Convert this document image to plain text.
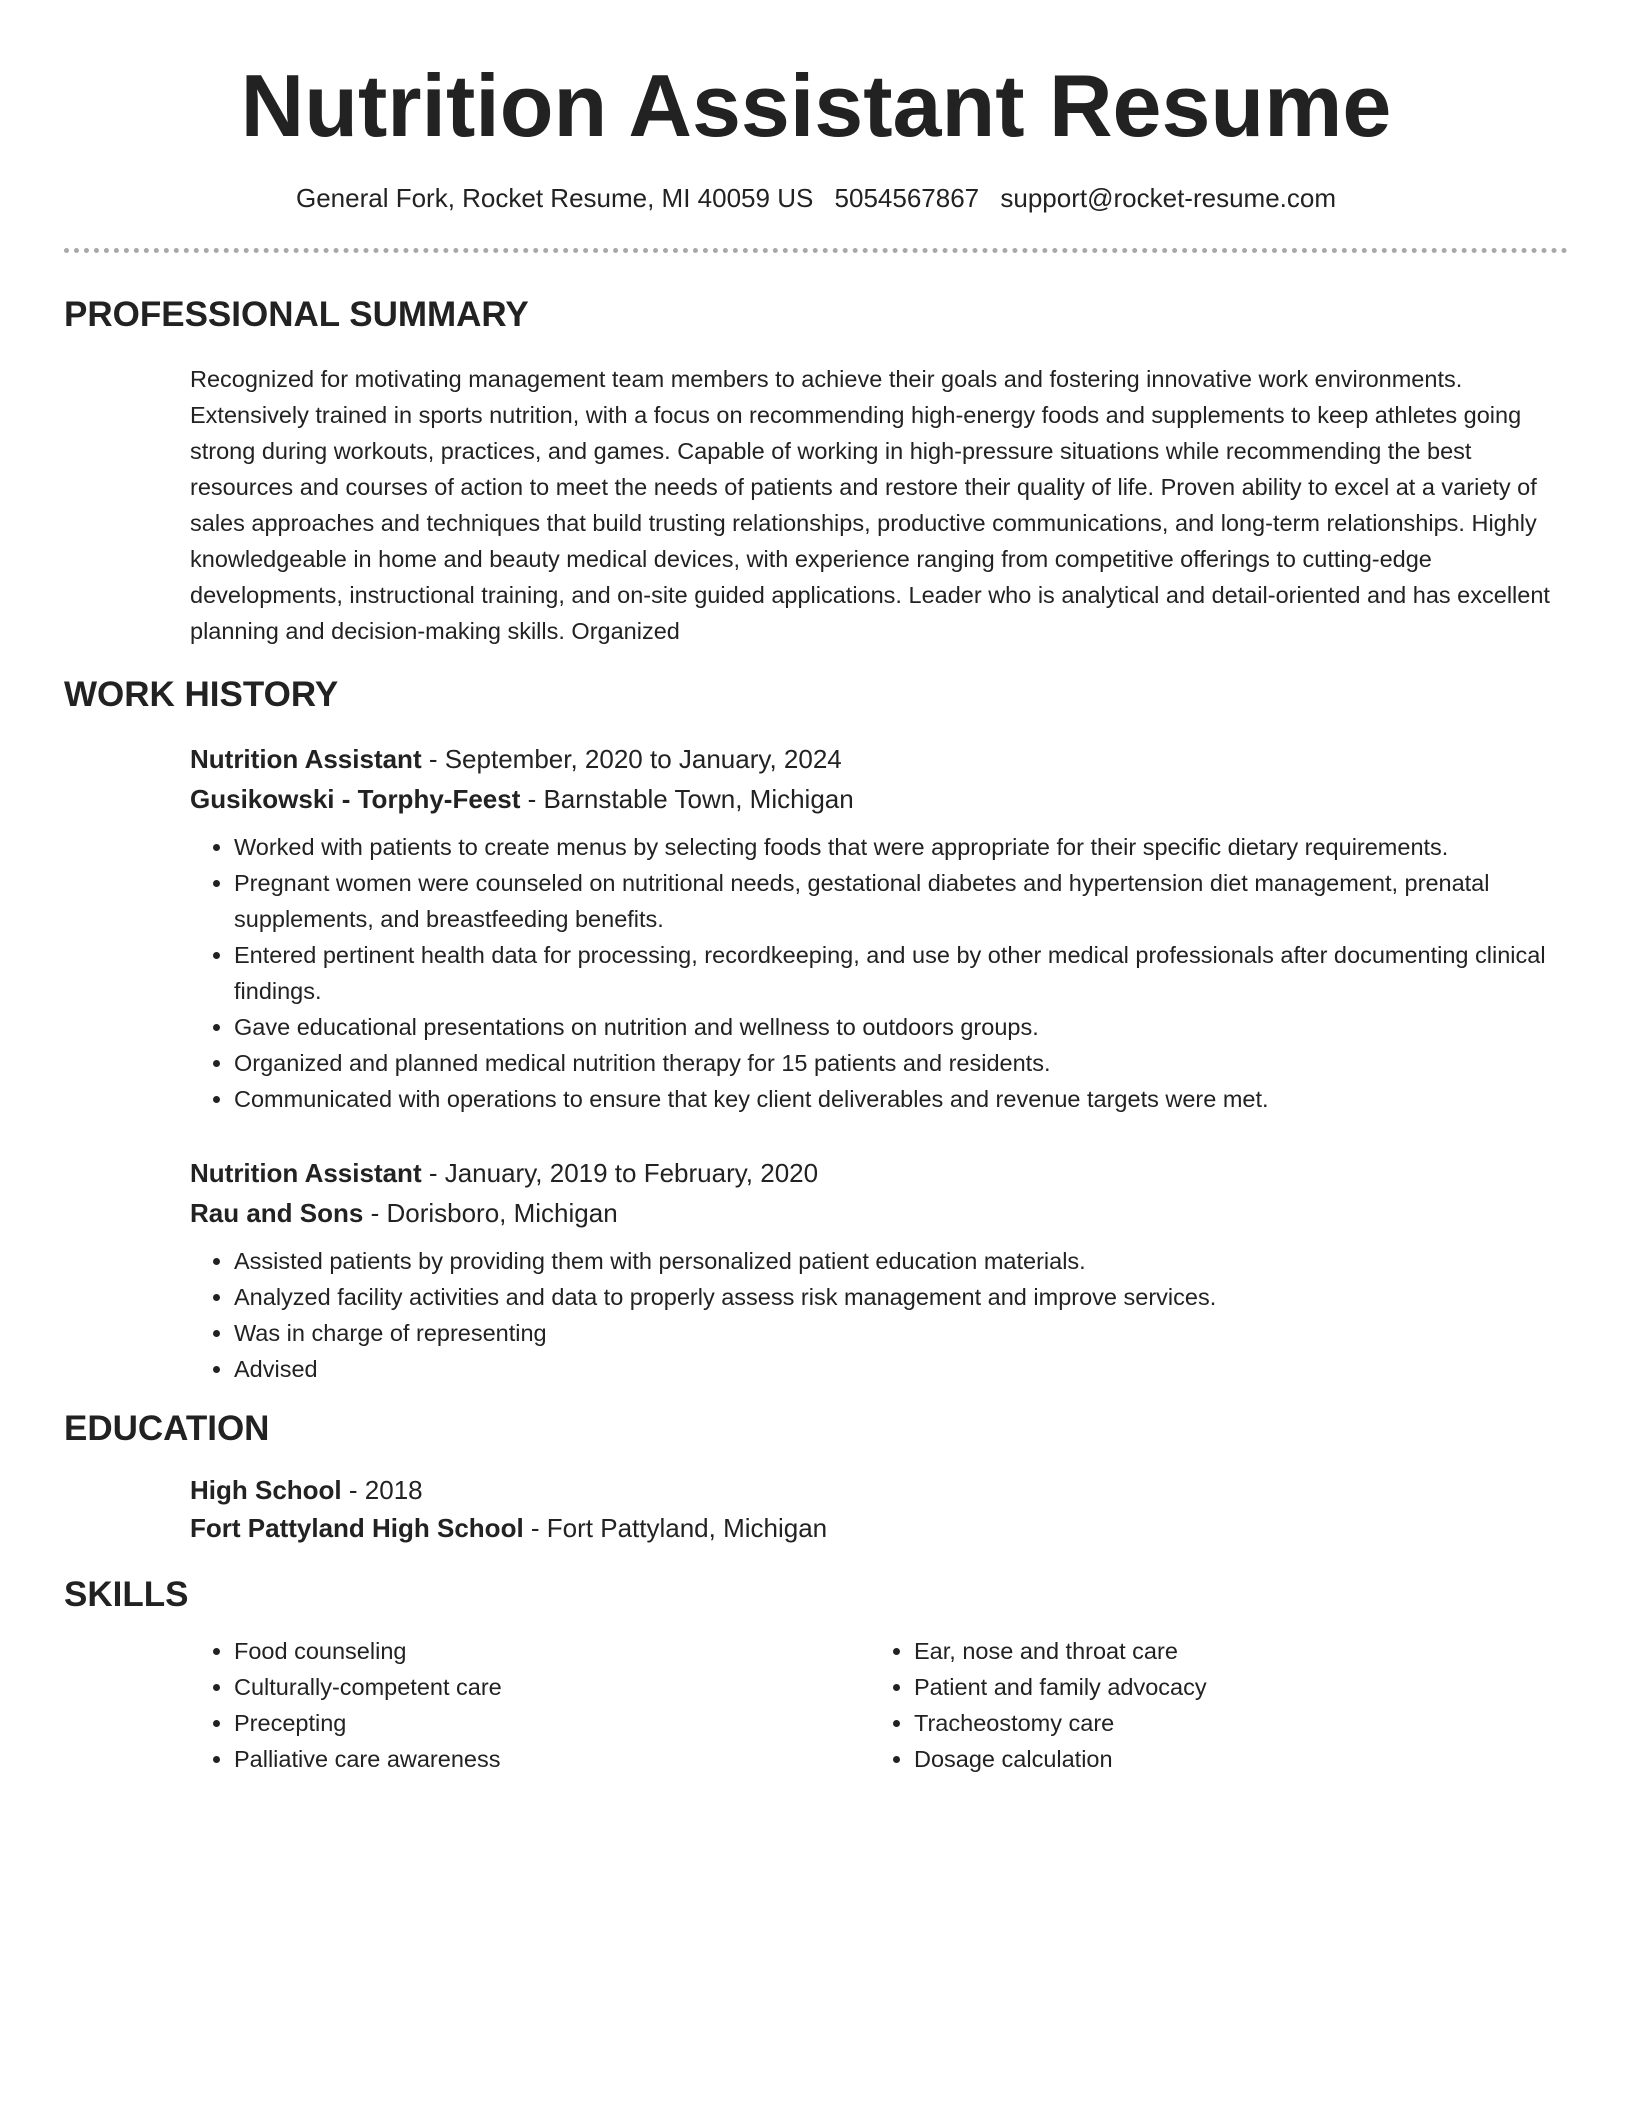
Nutrition Assistant Resume
General Fork, Rocket Resume, MI 40059 US 5054567867 support@rocket-resume.com
PROFESSIONAL SUMMARY
Recognized for motivating management team members to achieve their goals and fostering innovative work environments. Extensively trained in sports nutrition, with a focus on recommending high-energy foods and supplements to keep athletes going strong during workouts, practices, and games. Capable of working in high-pressure situations while recommending the best resources and courses of action to meet the needs of patients and restore their quality of life. Proven ability to excel at a variety of sales approaches and techniques that build trusting relationships, productive communications, and long-term relationships. Highly knowledgeable in home and beauty medical devices, with experience ranging from competitive offerings to cutting-edge developments, instructional training, and on-site guided applications. Leader who is analytical and detail-oriented and has excellent planning and decision-making skills. Organized
WORK HISTORY
Nutrition Assistant - September, 2020 to January, 2024
Gusikowski - Torphy-Feest - Barnstable Town, Michigan
• Worked with patients to create menus by selecting foods that were appropriate for their specific dietary requirements.
• Pregnant women were counseled on nutritional needs, gestational diabetes and hypertension diet management, prenatal supplements, and breastfeeding benefits.
• Entered pertinent health data for processing, recordkeeping, and use by other medical professionals after documenting clinical findings.
• Gave educational presentations on nutrition and wellness to outdoors groups.
• Organized and planned medical nutrition therapy for 15 patients and residents.
• Communicated with operations to ensure that key client deliverables and revenue targets were met.
Nutrition Assistant - January, 2019 to February, 2020
Rau and Sons - Dorisboro, Michigan
• Assisted patients by providing them with personalized patient education materials.
• Analyzed facility activities and data to properly assess risk management and improve services.
• Was in charge of representing
• Advised
EDUCATION
High School - 2018
Fort Pattyland High School - Fort Pattyland, Michigan
SKILLS
• Food counseling
• Culturally-competent care
• Precepting
• Palliative care awareness
• Ear, nose and throat care
• Patient and family advocacy
• Tracheostomy care
• Dosage calculation
